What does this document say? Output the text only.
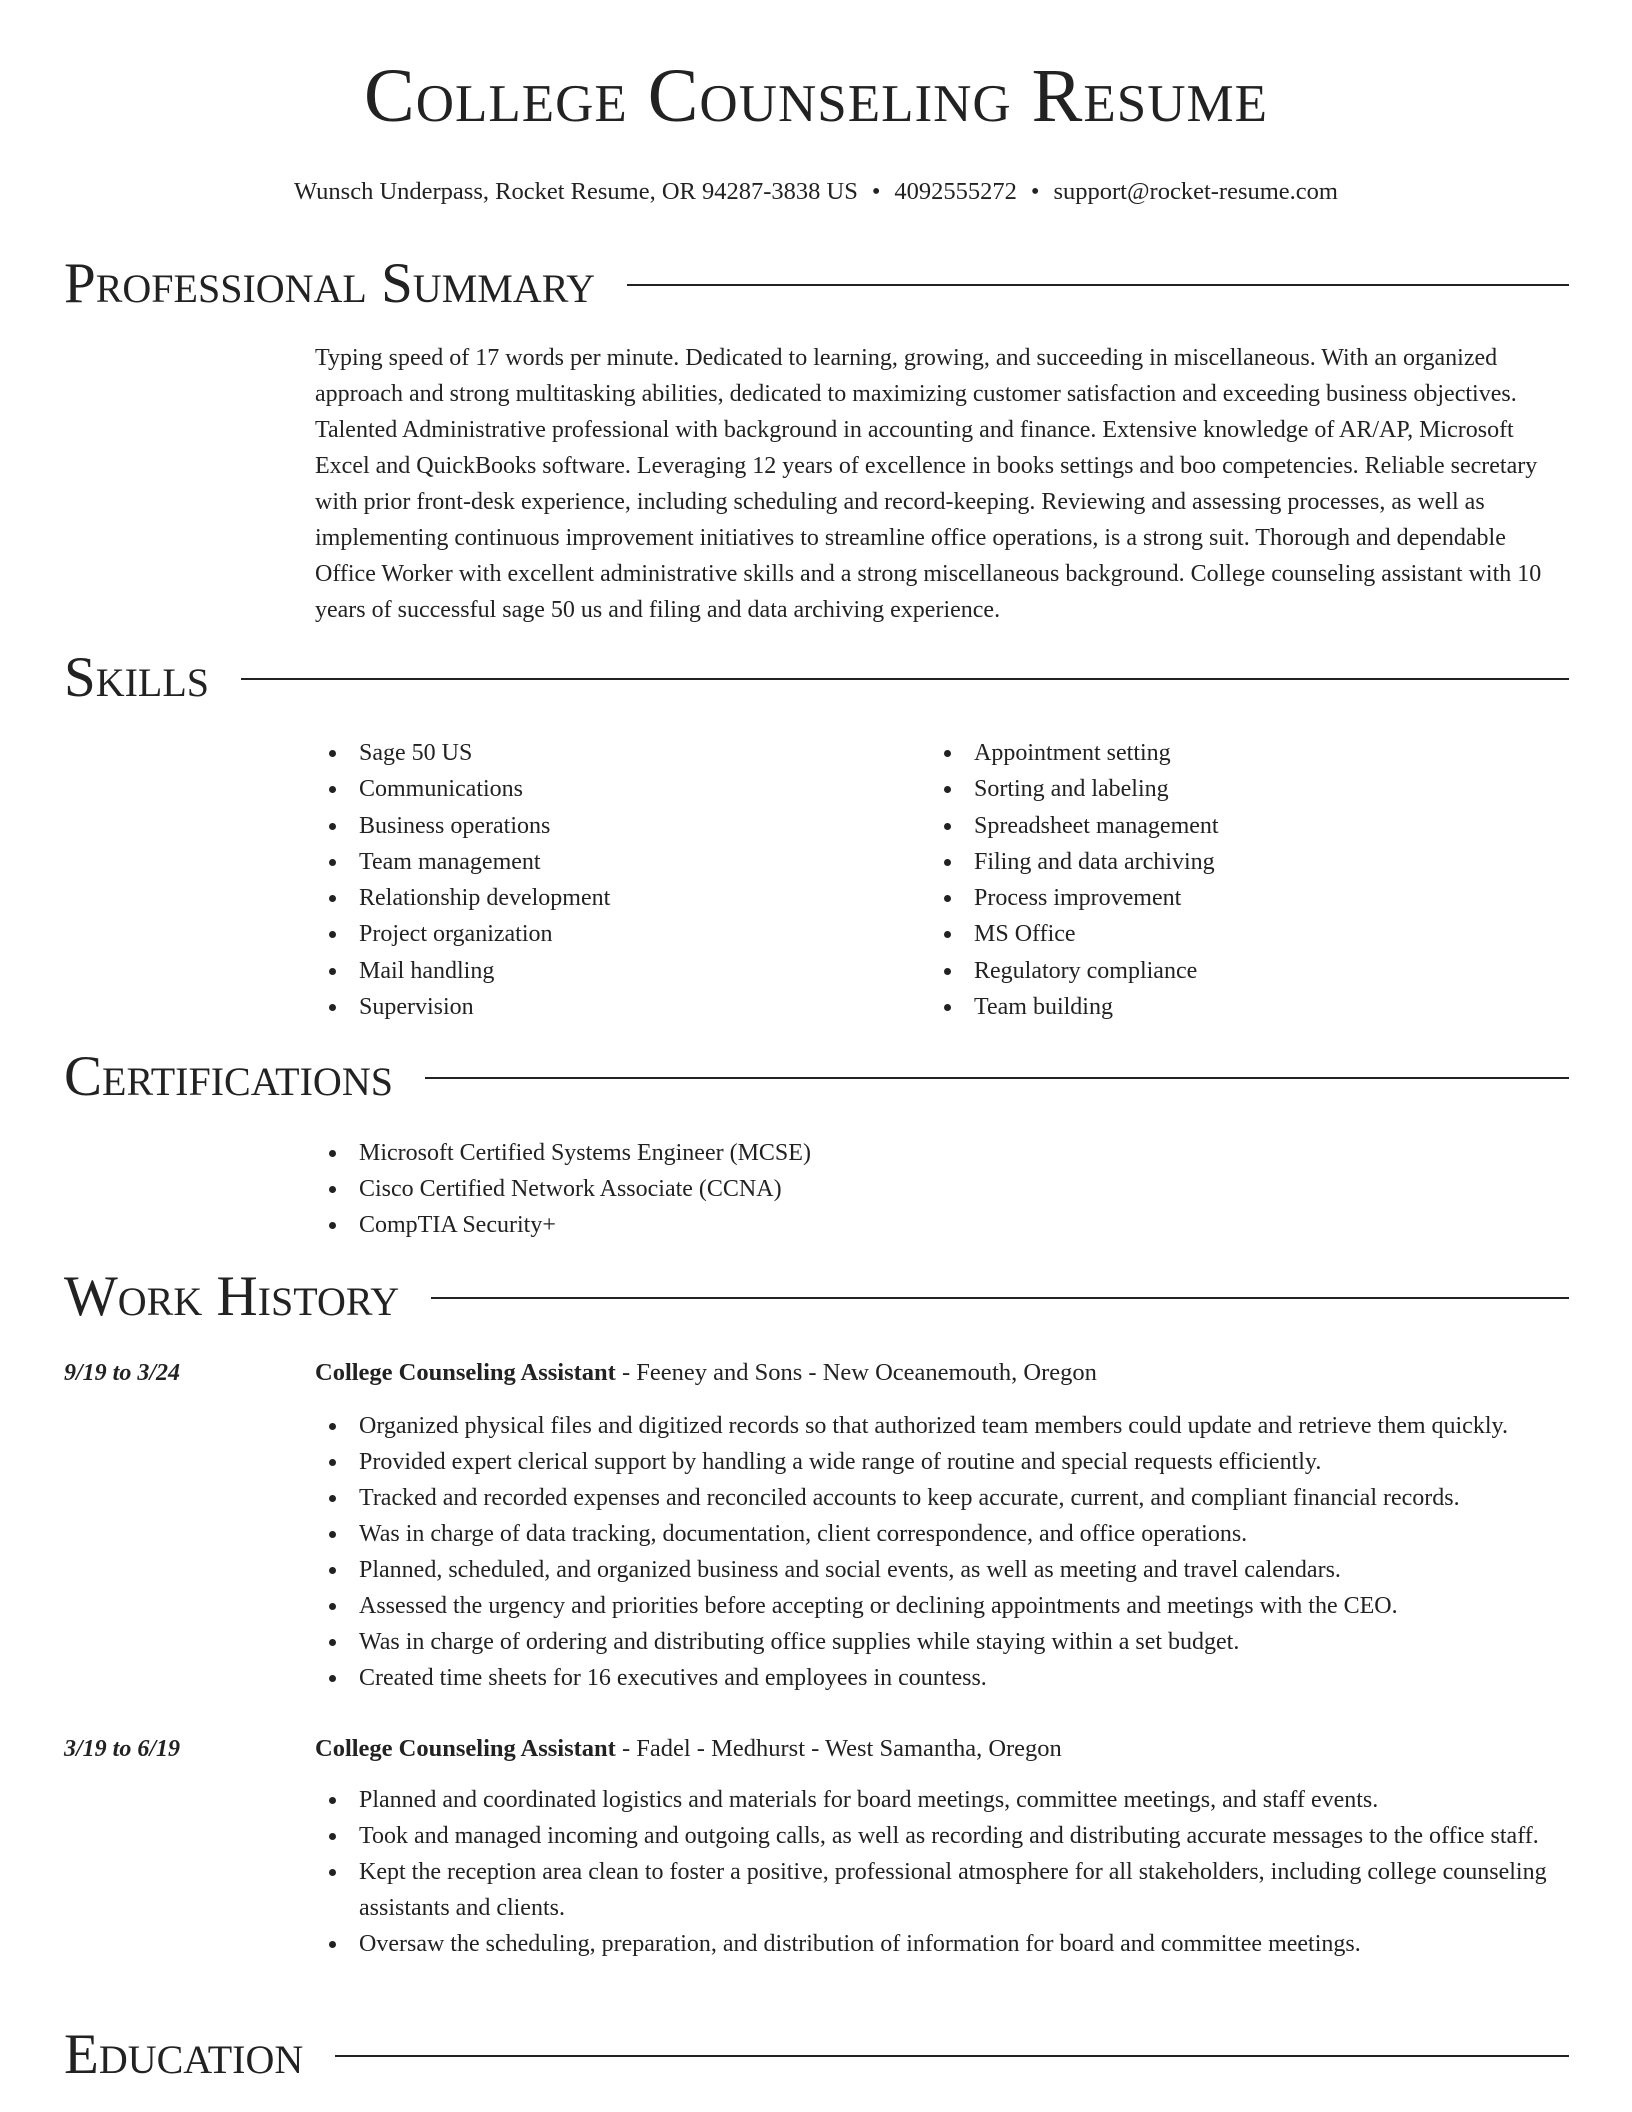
College Counseling Resume
Wunsch Underpass, Rocket Resume, OR 94287-3838 US • 4092555272 • support@rocket-resume.com
Professional Summary

Typing speed of 17 words per minute. Dedicated to learning, growing, and succeeding in miscellaneous. With an organized approach and strong multitasking abilities, dedicated to maximizing customer satisfaction and exceeding business objectives. Talented Administrative professional with background in accounting and finance. Extensive knowledge of AR/AP, Microsoft Excel and QuickBooks software. Leveraging 12 years of excellence in books settings and boo competencies. Reliable secretary with prior front-desk experience, including scheduling and record-keeping. Reviewing and assessing processes, as well as implementing continuous improvement initiatives to streamline office operations, is a strong suit. Thorough and dependable Office Worker with excellent administrative skills and a strong miscellaneous background. College counseling assistant with 10 years of successful sage 50 us and filing and data archiving experience.

Skills
Sage 50 US
Communications
Business operations
Team management
Relationship development
Project organization
Mail handling
Supervision
Appointment setting
Sorting and labeling
Spreadsheet management
Filing and data archiving
Process improvement
MS Office
Regulatory compliance
Team building
Certifications
Microsoft Certified Systems Engineer (MCSE)
Cisco Certified Network Associate (CCNA)
CompTIA Security+
Work History
9/19 to 3/24	College Counseling Assistant - Feeney and Sons - New Oceanemouth, Oregon
Organized physical files and digitized records so that authorized team members could update and retrieve them quickly.
Provided expert clerical support by handling a wide range of routine and special requests efficiently.
Tracked and recorded expenses and reconciled accounts to keep accurate, current, and compliant financial records.
Was in charge of data tracking, documentation, client correspondence, and office operations.
Planned, scheduled, and organized business and social events, as well as meeting and travel calendars.
Assessed the urgency and priorities before accepting or declining appointments and meetings with the CEO.
Was in charge of ordering and distributing office supplies while staying within a set budget.
Created time sheets for 16 executives and employees in countess.
3/19 to 6/19	College Counseling Assistant - Fadel - Medhurst - West Samantha, Oregon
Planned and coordinated logistics and materials for board meetings, committee meetings, and staff events.
Took and managed incoming and outgoing calls, as well as recording and distributing accurate messages to the office staff.
Kept the reception area clean to foster a positive, professional atmosphere for all stakeholders, including college counseling assistants and clients.
Oversaw the scheduling, preparation, and distribution of information for board and committee meetings.
Education
